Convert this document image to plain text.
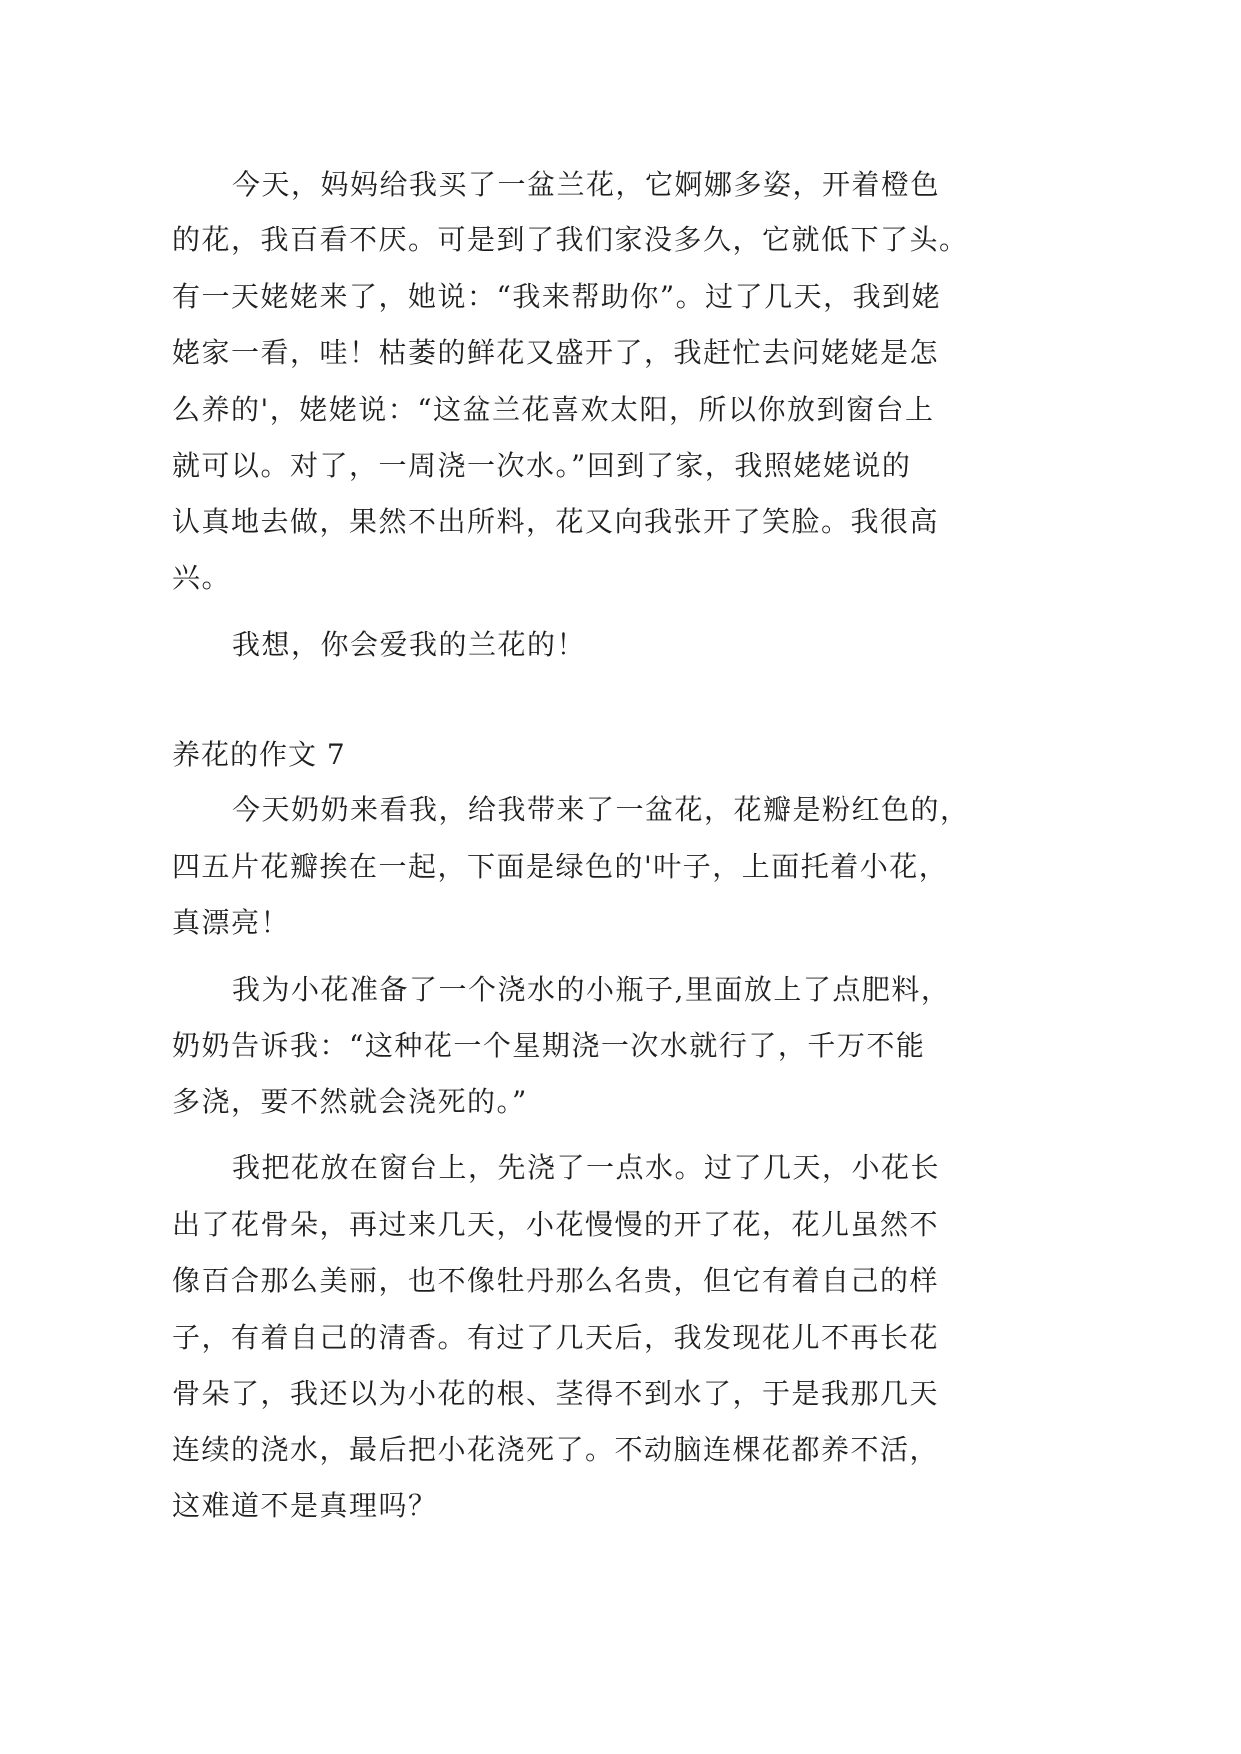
今天，妈妈给我买了一盆兰花，它婀娜多姿，开着橙色
的花，我百看不厌。可是到了我们家没多久，它就低下了头。
有一天姥姥来了，她说：“我来帮助你”。过了几天，我到姥
姥家一看，哇！枯萎的鲜花又盛开了，我赶忙去问姥姥是怎
么养的'，姥姥说：“这盆兰花喜欢太阳，所以你放到窗台上
就可以。对了，一周浇一次水。”回到了家，我照姥姥说的
认真地去做，果然不出所料，花又向我张开了笑脸。我很高
兴。
我想，你会爱我的兰花的！
养花的作文 7
今天奶奶来看我，给我带来了一盆花，花瓣是粉红色的，
四五片花瓣挨在一起，下面是绿色的'叶子，上面托着小花，
真漂亮！
我为小花准备了一个浇水的小瓶子,里面放上了点肥料，
奶奶告诉我：“这种花一个星期浇一次水就行了，千万不能
多浇，要不然就会浇死的。”
我把花放在窗台上，先浇了一点水。过了几天，小花长
出了花骨朵，再过来几天，小花慢慢的开了花，花儿虽然不
像百合那么美丽，也不像牡丹那么名贵，但它有着自己的样
子，有着自己的清香。有过了几天后，我发现花儿不再长花
骨朵了，我还以为小花的根、茎得不到水了，于是我那几天
连续的浇水，最后把小花浇死了。不动脑连棵花都养不活，
这难道不是真理吗？
